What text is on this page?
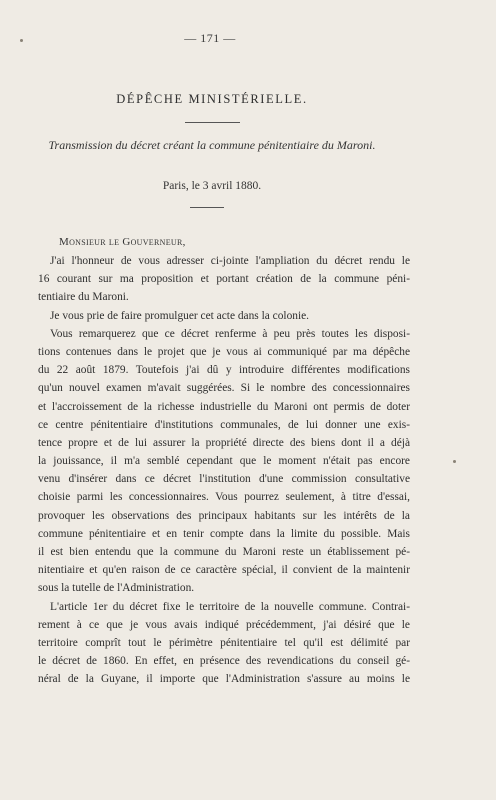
— 171 —
DÉPÊCHE MINISTÉRIELLE.
Transmission du décret créant la commune pénitentiaire du Maroni.
Paris, le 3 avril 1880.
Monsieur le Gouverneur,
J'ai l'honneur de vous adresser ci-jointe l'ampliation du décret rendu le
16 courant sur ma proposition et portant création de la commune péni-
tentiaire du Maroni.
Je vous prie de faire promulguer cet acte dans la colonie.
Vous remarquerez que ce décret renferme à peu près toutes les disposi-
tions contenues dans le projet que je vous ai communiqué par ma dépêche
du 22 août 1879. Toutefois j'ai dû y introduire différentes modifications
qu'un nouvel examen m'avait suggérées. Si le nombre des concessionnaires
et l'accroissement de la richesse industrielle du Maroni ont permis de doter
ce centre pénitentiaire d'institutions communales, de lui donner une exis-
tence propre et de lui assurer la propriété directe des biens dont il a déjà
la jouissance, il m'a semblé cependant que le moment n'était pas encore
venu d'insérer dans ce décret l'institution d'une commission consultative
choisie parmi les concessionnaires. Vous pourrez seulement, à titre d'essai,
provoquer les observations des principaux habitants sur les intérêts de la
commune pénitentiaire et en tenir compte dans la limite du possible. Mais
il est bien entendu que la commune du Maroni reste un établissement pé-
nitentiaire et qu'en raison de ce caractère spécial, il convient de la maintenir
sous la tutelle de l'Administration.
L'article 1er du décret fixe le territoire de la nouvelle commune. Contrai-
rement à ce que je vous avais indiqué précédemment, j'ai désiré que le
territoire comprît tout le périmètre pénitentiaire tel qu'il est délimité par
le décret de 1860. En effet, en présence des revendications du conseil gé-
néral de la Guyane, il importe que l'Administration s'assure au moins le
